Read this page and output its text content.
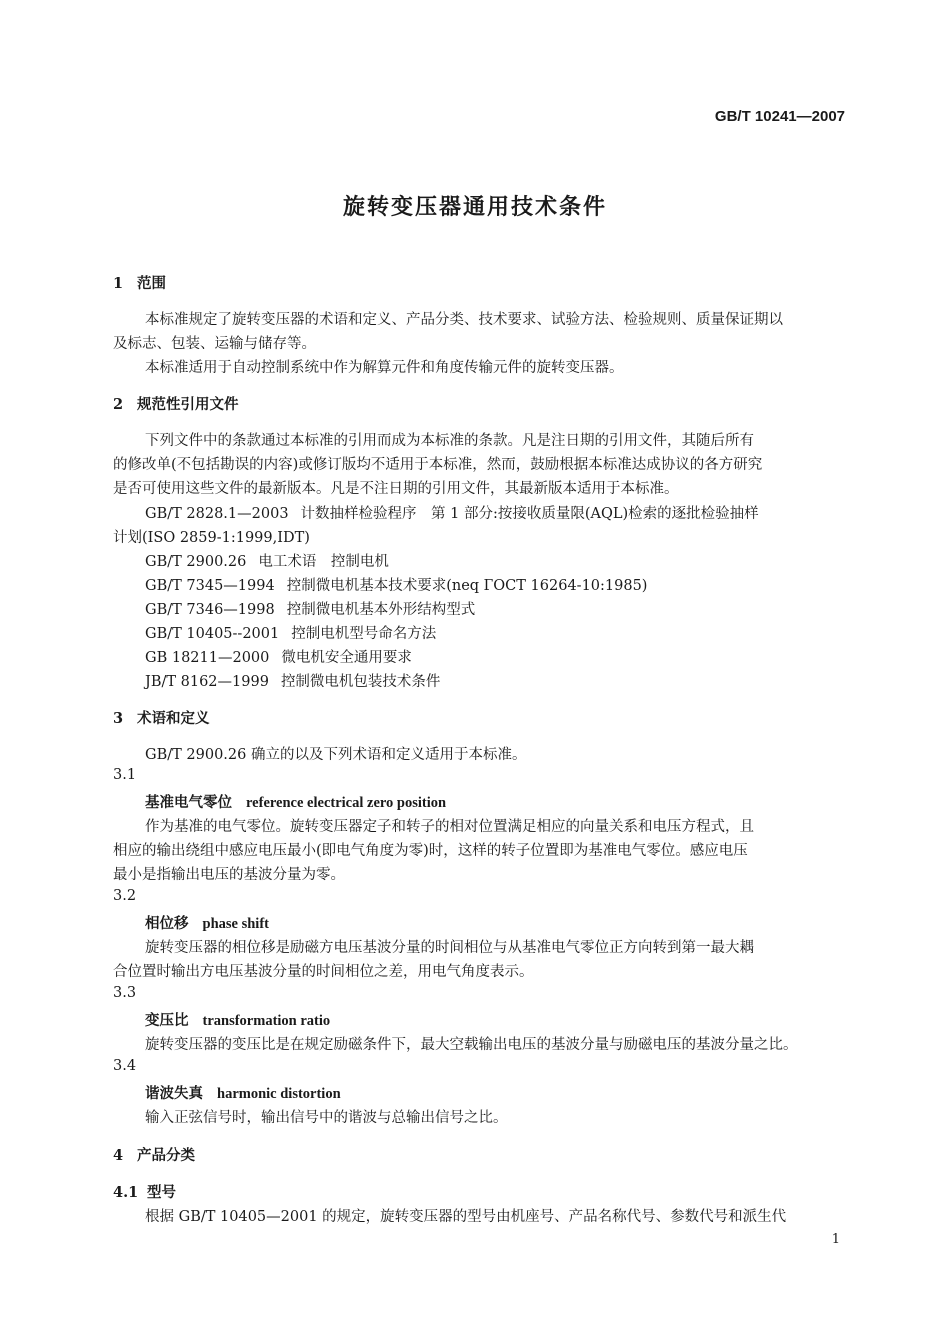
GB/T 10241—2007
旋转变压器通用技术条件
1 范围
本标准规定了旋转变压器的术语和定义、产品分类、技术要求、试验方法、检验规则、质量保证期以
及标志、包装、运输与储存等。
本标准适用于自动控制系统中作为解算元件和角度传输元件的旋转变压器。
2 规范性引用文件
下列文件中的条款通过本标准的引用而成为本标准的条款。凡是注日期的引用文件，其随后所有
的修改单(不包括勘误的内容)或修订版均不适用于本标准，然而，鼓励根据本标准达成协议的各方研究
是否可使用这些文件的最新版本。凡是不注日期的引用文件，其最新版本适用于本标准。
GB/T 2828.1—2003 计数抽样检验程序　第 1 部分:按接收质量限(AQL)检索的逐批检验抽样
计划(ISO 2859-1:1999,IDT)
GB/T 2900.26 电工术语　控制电机
GB/T 7345—1994 控制微电机基本技术要求(neq ГОСТ 16264-10:1985)
GB/T 7346—1998 控制微电机基本外形结构型式
GB/T 10405--2001 控制电机型号命名方法
GB 18211—2000 微电机安全通用要求
JB/T 8162—1999 控制微电机包装技术条件
3 术语和定义
GB/T 2900.26 确立的以及下列术语和定义适用于本标准。
3.1
基准电气零位 reference electrical zero position
作为基准的电气零位。旋转变压器定子和转子的相对位置满足相应的向量关系和电压方程式，且
相应的输出绕组中感应电压最小(即电气角度为零)时，这样的转子位置即为基准电气零位。感应电压
最小是指输出电压的基波分量为零。
3.2
相位移 phase shift
旋转变压器的相位移是励磁方电压基波分量的时间相位与从基准电气零位正方向转到第一最大耦
合位置时输出方电压基波分量的时间相位之差，用电气角度表示。
3.3
变压比 transformation ratio
旋转变压器的变压比是在规定励磁条件下，最大空载输出电压的基波分量与励磁电压的基波分量之比。
3.4
谐波失真 harmonic distortion
输入正弦信号时，输出信号中的谐波与总输出信号之比。
4 产品分类
4.1 型号
根据 GB/T 10405—2001 的规定，旋转变压器的型号由机座号、产品名称代号、参数代号和派生代
1
